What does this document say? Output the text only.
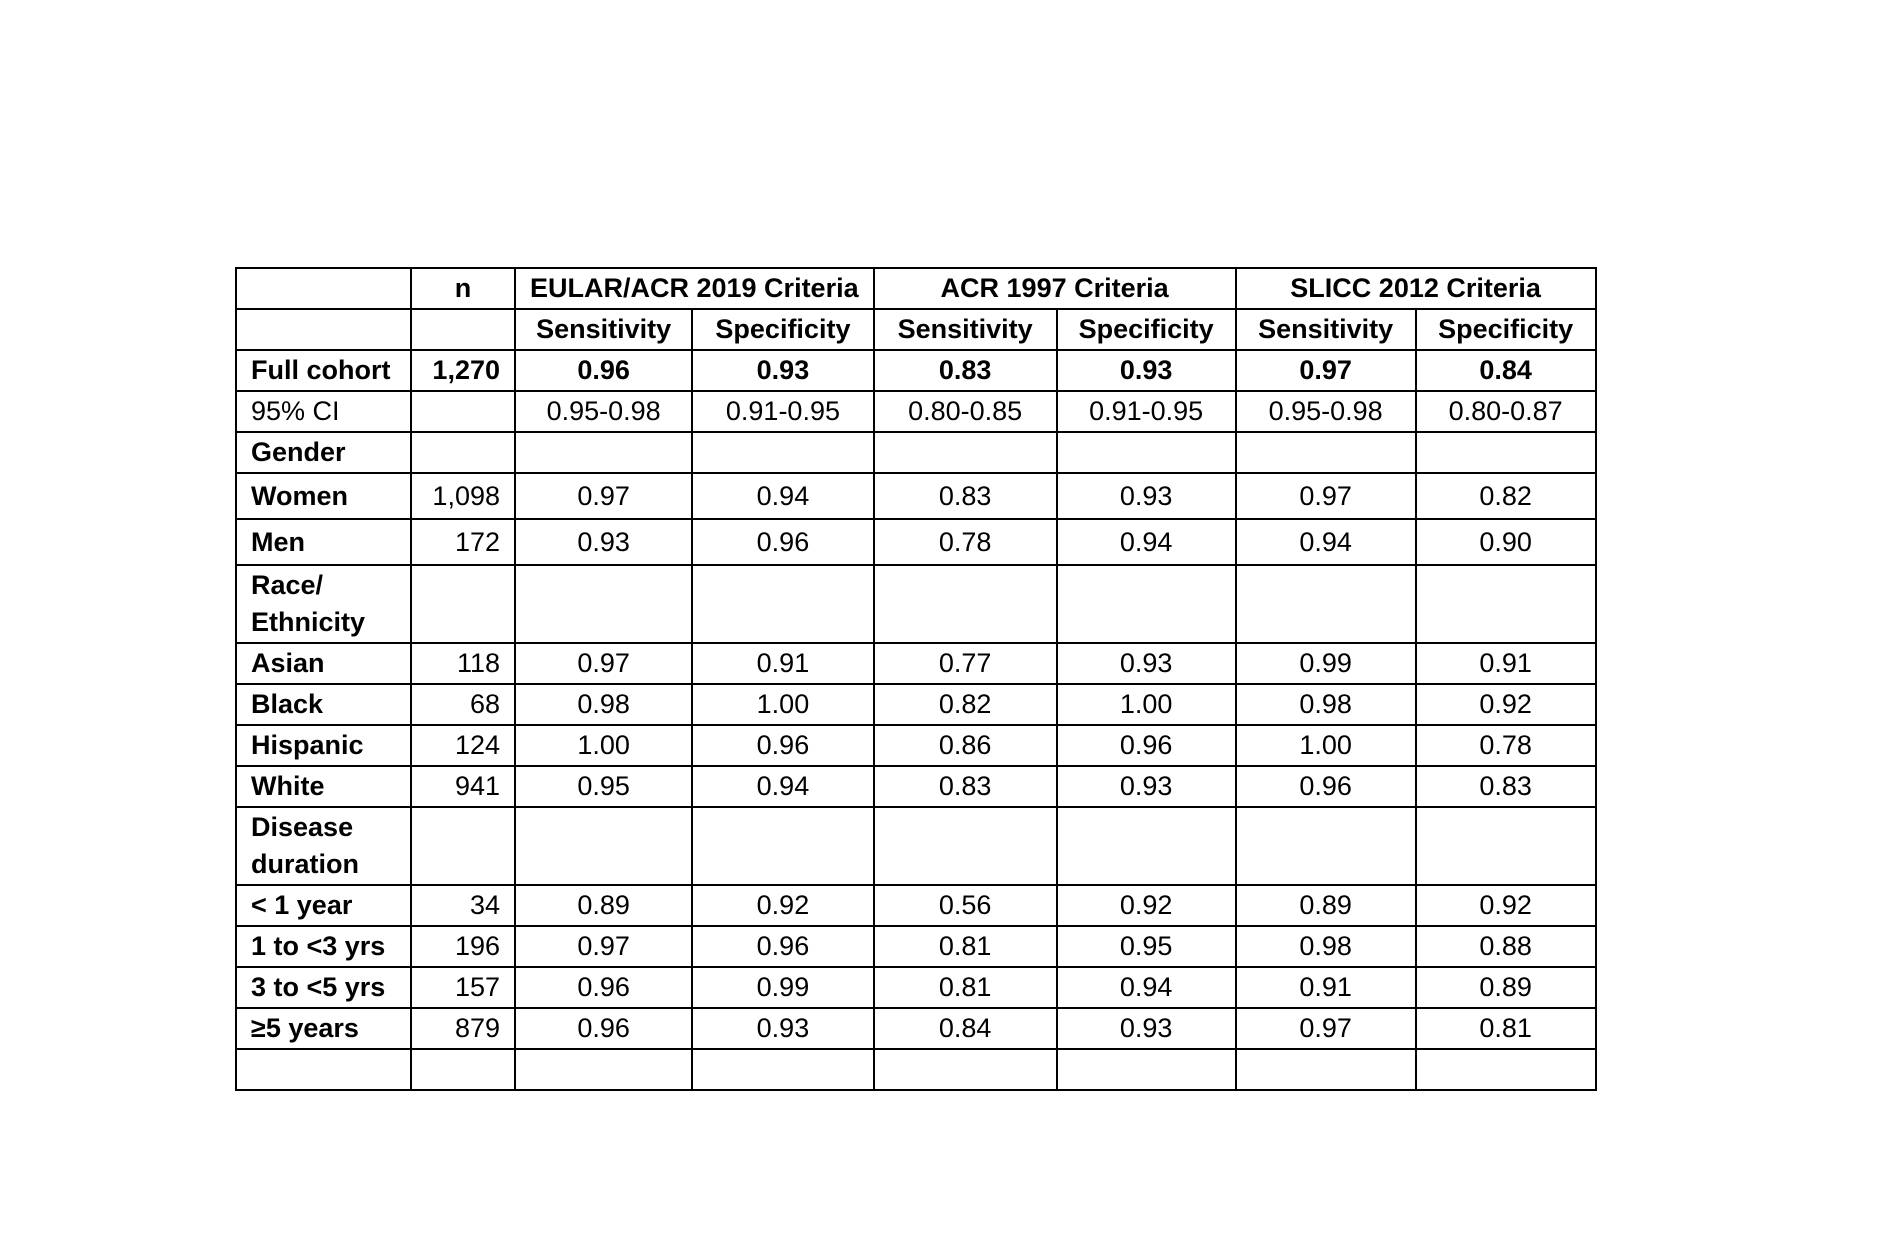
	n	EULAR/ACR 2019 Criteria		ACR 1997 Criteria		SLICC 2012 Criteria	
		Sensitivity	Specificity	Sensitivity	Specificity	Sensitivity	Specificity
Full cohort	1,270	0.96	0.93	0.83	0.93	0.97	0.84
95% CI		0.95-0.98	0.91-0.95	0.80-0.85	0.91-0.95	0.95-0.98	0.80-0.87
Gender							
Women	1,098	0.97	0.94	0.83	0.93	0.97	0.82
Men	172	0.93	0.96	0.78	0.94	0.94	0.90
Race/ Ethnicity							
Asian	118	0.97	0.91	0.77	0.93	0.99	0.91
Black	68	0.98	1.00	0.82	1.00	0.98	0.92
Hispanic	124	1.00	0.96	0.86	0.96	1.00	0.78
White	941	0.95	0.94	0.83	0.93	0.96	0.83
Disease duration							
< 1 year	34	0.89	0.92	0.56	0.92	0.89	0.92
1 to <3 yrs	196	0.97	0.96	0.81	0.95	0.98	0.88
3 to <5 yrs	157	0.96	0.99	0.81	0.94	0.91	0.89
≥5 years	879	0.96	0.93	0.84	0.93	0.97	0.81
